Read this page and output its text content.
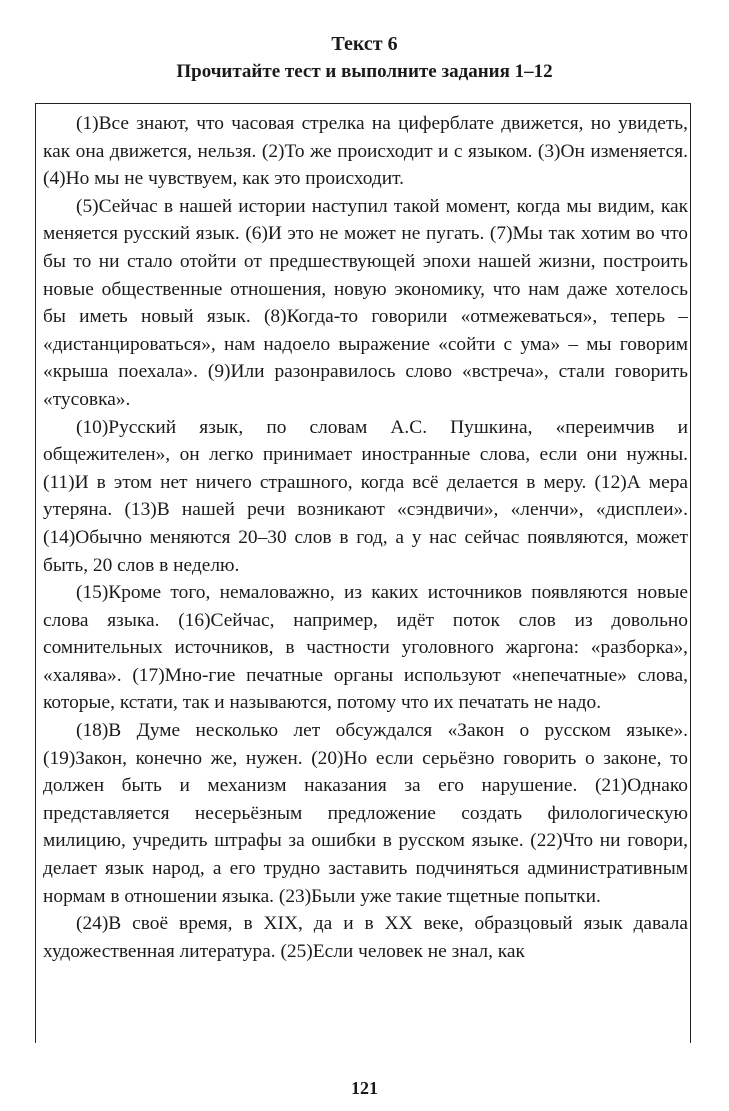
Текст 6
Прочитайте тест и выполните задания 1–12

(1)Все знают, что часовая стрелка на циферблате движется, но увидеть, как она движется, нельзя. (2)То же происходит и с языком. (3)Он изменяется. (4)Но мы не чувствуем, как это происходит.

(5)Сейчас в нашей истории наступил такой момент, когда мы видим, как меняется русский язык. (6)И это не может не пугать. (7)Мы так хотим во что бы то ни стало отойти от предшествующей эпохи нашей жизни, построить новые общественные отношения, новую экономику, что нам даже хотелось бы иметь новый язык. (8)Когда-то говорили «отмежеваться», теперь – «дистанцироваться», нам надоело выражение «сойти с ума» – мы говорим «крыша поехала». (9)Или разонравилось слово «встреча», стали говорить «тусовка».

(10)Русский язык, по словам А.С. Пушкина, «переимчив и общежителен», он легко принимает иностранные слова, если они нужны. (11)И в этом нет ничего страшного, когда всё делается в меру. (12)А мера утеряна. (13)В нашей речи возникают «сэндвичи», «ленчи», «дисплеи». (14)Обычно меняются 20–30 слов в год, а у нас сейчас появляются, может быть, 20 слов в неделю.

(15)Кроме того, немаловажно, из каких источников появляются новые слова языка. (16)Сейчас, например, идёт поток слов из довольно сомнительных источников, в частности уголовного жаргона: «разборка», «халява». (17)Мно-гие печатные органы используют «непечатные» слова, которые, кстати, так и называются, потому что их печатать не надо.

(18)В Думе несколько лет обсуждался «Закон о русском языке». (19)Закон, конечно же, нужен. (20)Но если серьёзно говорить о законе, то должен быть и механизм наказания за его нарушение. (21)Однако представляется несерьёзным предложение создать филологическую милицию, учредить штрафы за ошибки в русском языке. (22)Что ни говори, делает язык народ, а его трудно заставить подчиняться административным нормам в отношении языка. (23)Были уже такие тщетные попытки.

(24)В своё время, в XIX, да и в XX веке, образцовый язык давала художественная литература. (25)Если человек не знал, как

121
